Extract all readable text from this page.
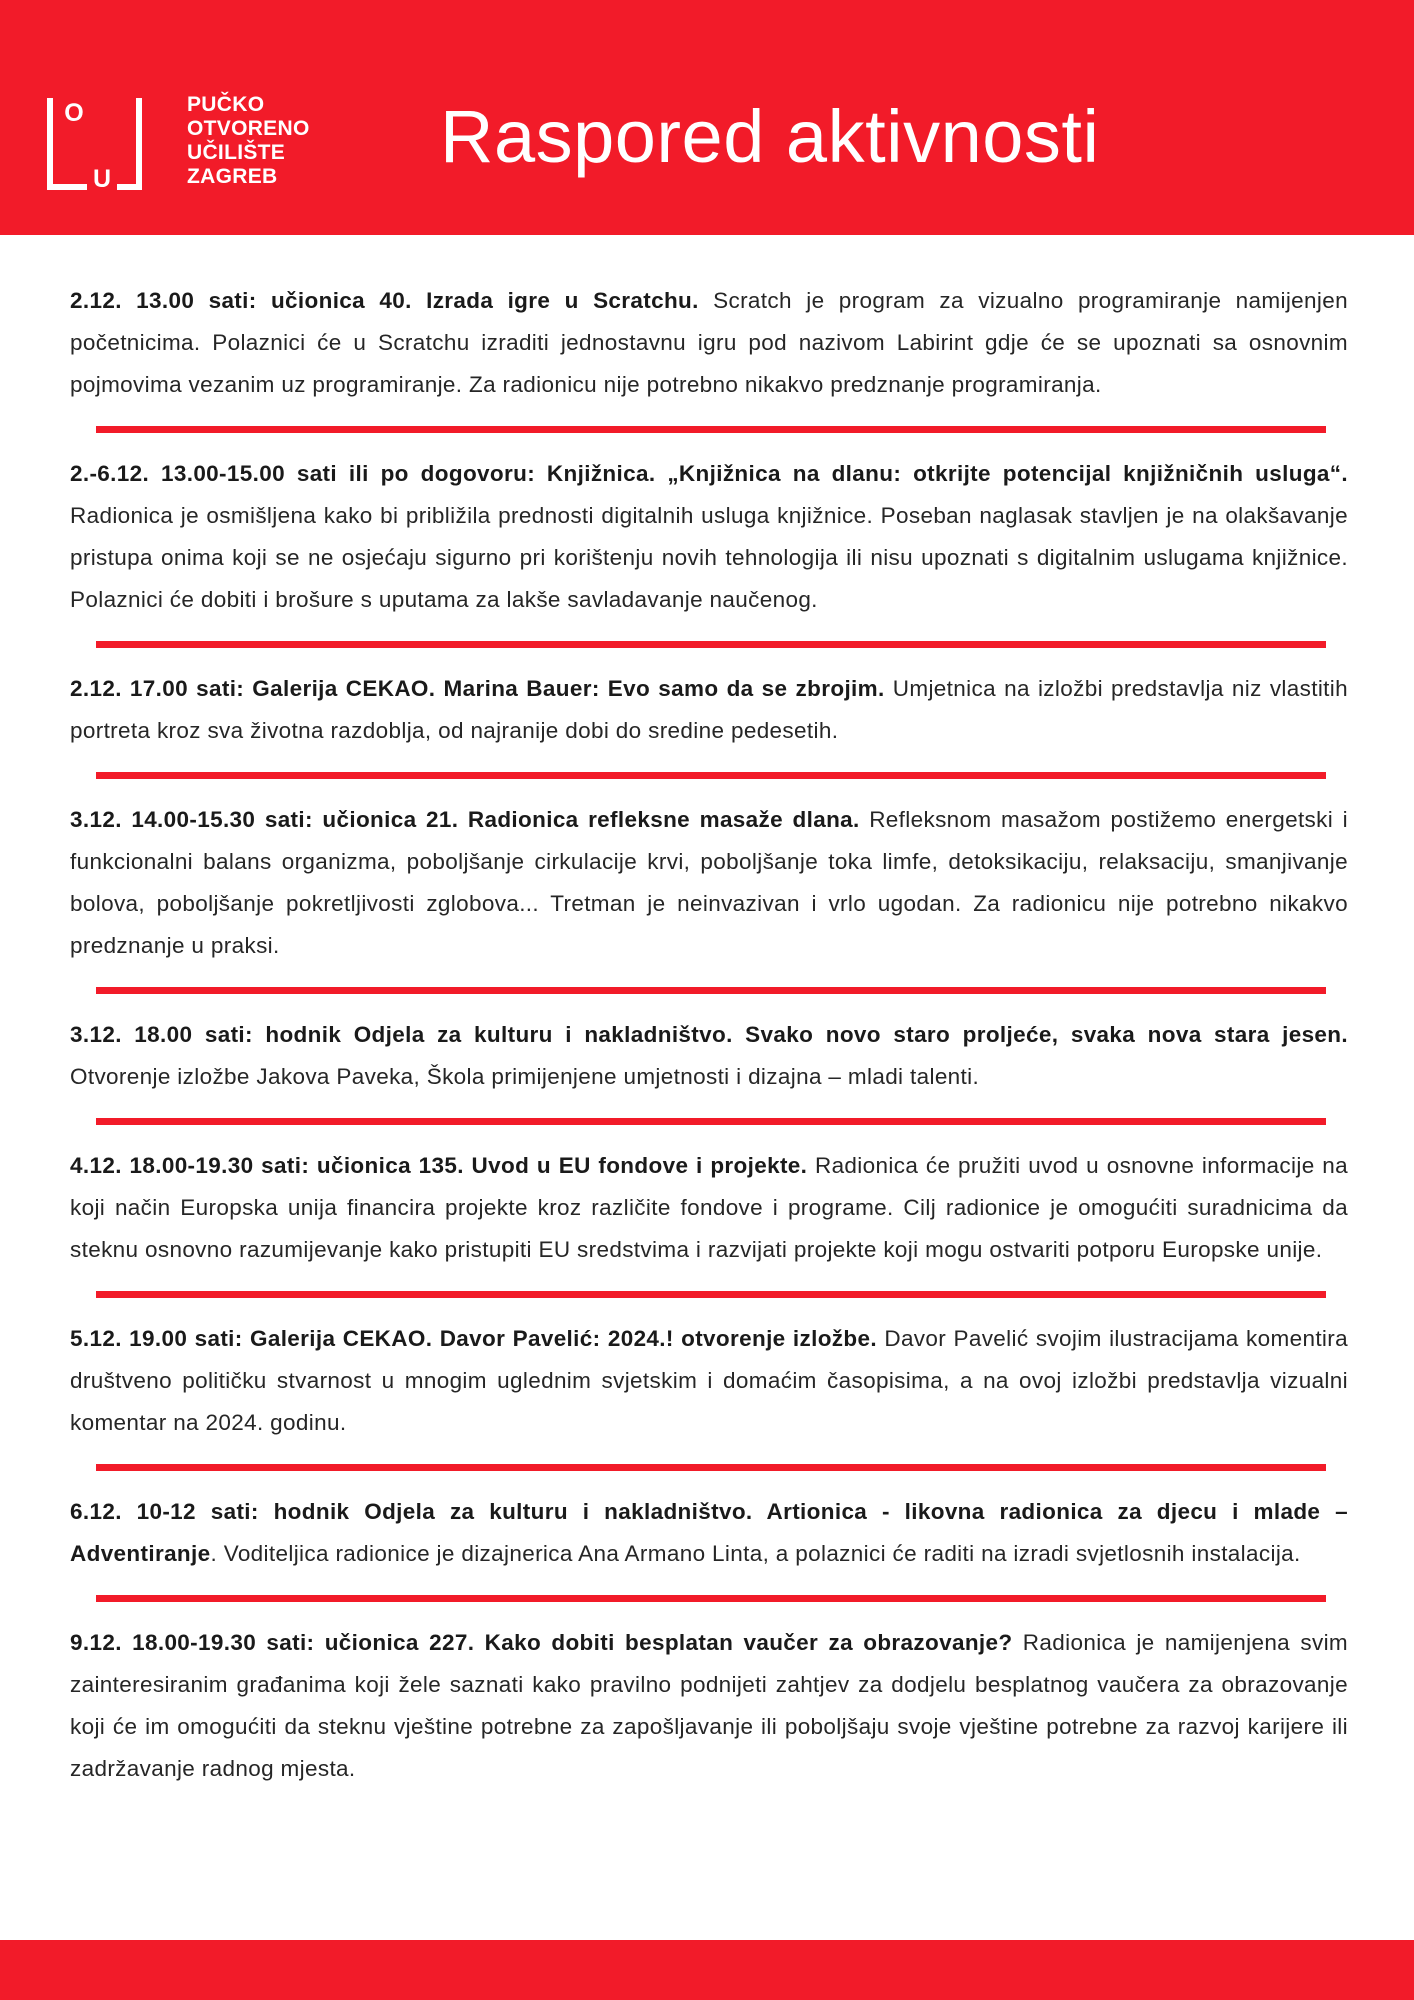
O
U
PUČKO
OTVORENO
UČILIŠTE
ZAGREB	Raspored aktivnosti

2.12. 13.00 sati: učionica 40. Izrada igre u Scratchu. Scratch je program za vizualno programiranje namijenjen početnicima. Polaznici će u Scratchu izraditi jednostavnu igru pod nazivom Labirint gdje će se upoznati sa osnovnim pojmovima vezanim uz programiranje. Za radionicu nije potrebno nikakvo predznanje programiranja.

2.-6.12. 13.00-15.00 sati ili po dogovoru: Knjižnica. „Knjižnica na dlanu: otkrijte potencijal knjižničnih usluga“. Radionica je osmišljena kako bi približila prednosti digitalnih usluga knjižnice. Poseban naglasak stavljen je na olakšavanje pristupa onima koji se ne osjećaju sigurno pri korištenju novih tehnologija ili nisu upoznati s digitalnim uslugama knjižnice. Polaznici će dobiti i brošure s uputama za lakše savladavanje naučenog.

2.12. 17.00 sati: Galerija CEKAO. Marina Bauer: Evo samo da se zbrojim. Umjetnica na izložbi predstavlja niz vlastitih portreta kroz sva životna razdoblja, od najranije dobi do sredine pedesetih.

3.12. 14.00-15.30 sati: učionica 21. Radionica refleksne masaže dlana. Refleksnom masažom postižemo energetski i funkcionalni balans organizma, poboljšanje cirkulacije krvi, poboljšanje toka limfe, detoksikaciju, relaksaciju, smanjivanje bolova, poboljšanje pokretljivosti zglobova... Tretman je neinvazivan i vrlo ugodan. Za radionicu nije potrebno nikakvo predznanje u praksi.

3.12. 18.00 sati: hodnik Odjela za kulturu i nakladništvo. Svako novo staro proljeće, svaka nova stara jesen. Otvorenje izložbe Jakova Paveka, Škola primijenjene umjetnosti i dizajna – mladi talenti.

4.12. 18.00-19.30 sati: učionica 135. Uvod u EU fondove i projekte. Radionica će pružiti uvod u osnovne informacije na koji način Europska unija financira projekte kroz različite fondove i programe. Cilj radionice je omogućiti suradnicima da steknu osnovno razumijevanje kako pristupiti EU sredstvima i razvijati projekte koji mogu ostvariti potporu Europske unije.

5.12. 19.00 sati: Galerija CEKAO. Davor Pavelić: 2024.! otvorenje izložbe. Davor Pavelić svojim ilustracijama komentira društveno političku stvarnost u mnogim uglednim svjetskim i domaćim časopisima, a na ovoj izložbi predstavlja vizualni komentar na 2024. godinu.

6.12. 10-12 sati: hodnik Odjela za kulturu i nakladništvo. Artionica - likovna radionica za djecu i mlade – Adventiranje. Voditeljica radionice je dizajnerica Ana Armano Linta, a polaznici će raditi na izradi svjetlosnih instalacija.

9.12. 18.00-19.30 sati: učionica 227. Kako dobiti besplatan vaučer za obrazovanje? Radionica je namijenjena svim zainteresiranim građanima koji žele saznati kako pravilno podnijeti zahtjev za dodjelu besplatnog vaučera za obrazovanje koji će im omogućiti da steknu vještine potrebne za zapošljavanje ili poboljšaju svoje vještine potrebne za razvoj karijere ili zadržavanje radnog mjesta.
